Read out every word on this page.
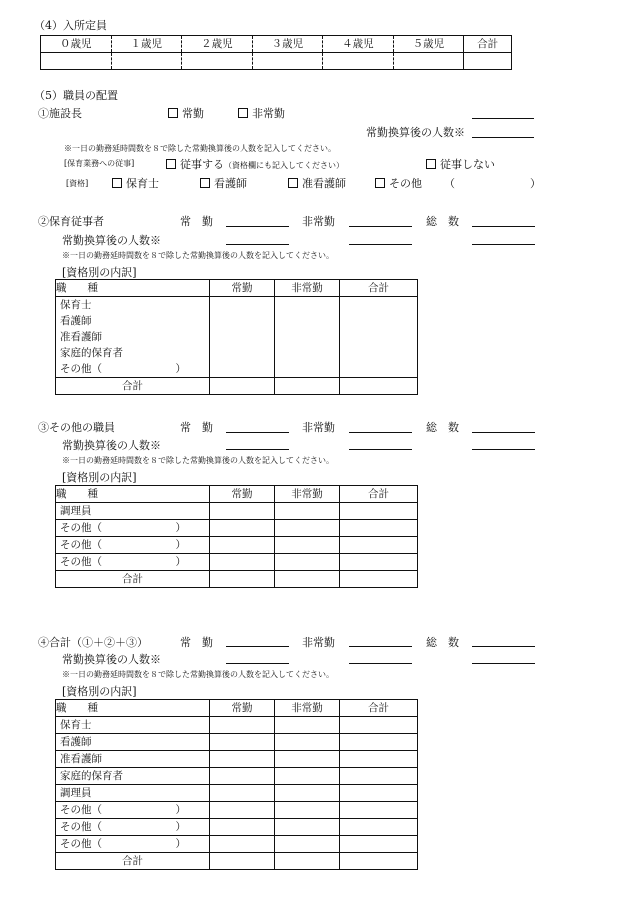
（4）入所定員
０歳児	１歳児	２歳児	３歳児	４歳児	５歳児	合計

（5）職員の配置
①施設長	常勤	非常勤
常勤換算後の人数※
※一日の勤務延時間数を８で除した常勤換算後の人数を記入してください。
[保育業務への従事]	従事する（資格欄にも記入してください）	従事しない
[資格]	保育士	看護師	准看護師	その他 （	）
②保育従事者	常　勤	非常勤	総　数
常勤換算後の人数※
※一日の勤務延時間数を８で除した常勤換算後の人数を記入してください。
[資格別の内訳]
職　　種	常勤	非常勤	合計
保育士			
看護師			
准看護師			
家庭的保育者			
その他（　　　　　　　）			
合計			
③その他の職員	常　勤	非常勤	総　数
常勤換算後の人数※
※一日の勤務延時間数を８で除した常勤換算後の人数を記入してください。
[資格別の内訳]
職　　種	常勤	非常勤	合計
調理員			
その他（　　　　　　　）			
その他（　　　　　　　）			
その他（　　　　　　　）			
合計			
④合計（①＋②＋③）	常　勤	非常勤	総　数
常勤換算後の人数※
※一日の勤務延時間数を８で除した常勤換算後の人数を記入してください。
[資格別の内訳]
職　　種	常勤	非常勤	合計
保育士			
看護師			
准看護師			
家庭的保育者			
調理員			
その他（　　　　　　　）			
その他（　　　　　　　）			
その他（　　　　　　　）			
合計			
